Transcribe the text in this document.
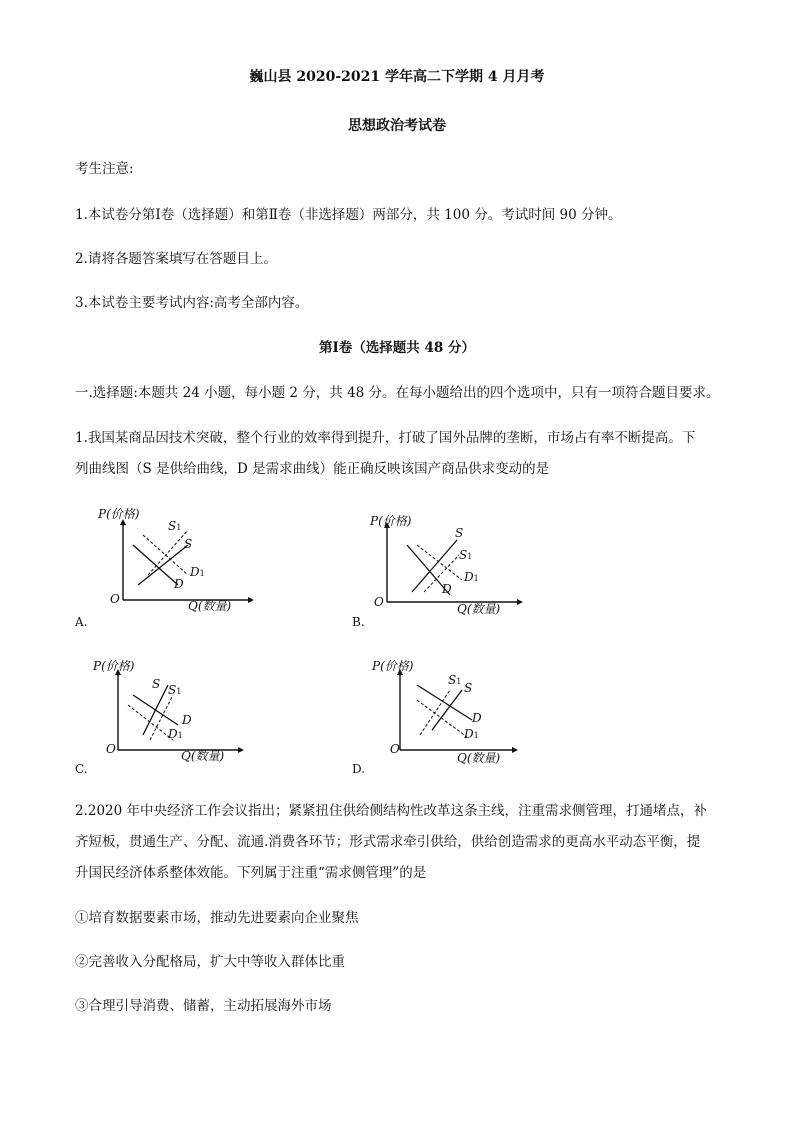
巍山县 2020-2021 学年高二下学期 4 月月考
思想政治考试卷
考生注意:
1.本试卷分第Ⅰ卷（选择题）和第Ⅱ卷（非选择题）两部分，共 100 分。考试时间 90 分钟。
2.请将各题答案填写在答题目上。
3.本试卷主要考试内容:高考全部内容。
第Ⅰ卷（选择题共 48 分）
一.选择题:本题共 24 小题，每小题 2 分，共 48 分。在每小题给出的四个选项中，只有一项符合题目要求。
1.我国某商品因技术突破，整个行业的效率得到提升，打破了国外品牌的垄断，市场占有率不断提高。下
列曲线图（S 是供给曲线，D 是需求曲线）能正确反映该国产商品供求变动的是
P(价格)
Q(数量)
O
S1
S
D1
D
A.
P(价格)
Q(数量)
O
S
S1
D1
D
B.
P(价格)
Q(数量)
O
S S1
D
D1
C.
P(价格)
Q(数量)
O
S1 S
D
D1
D.
2.2020 年中央经济工作会议指出；紧紧扭住供给侧结构性改革这条主线，注重需求侧管理，打通堵点，补
齐短板，贯通生产、分配、流通.消费各环节；形式需求牵引供给，供给创造需求的更高水平动态平衡，提
升国民经济体系整体效能。下列属于注重“需求侧管理”的是
①培育数据要素市场，推动先进要素向企业聚焦
②完善收入分配格局，扩大中等收入群体比重
③合理引导消费、储蓄，主动拓展海外市场
